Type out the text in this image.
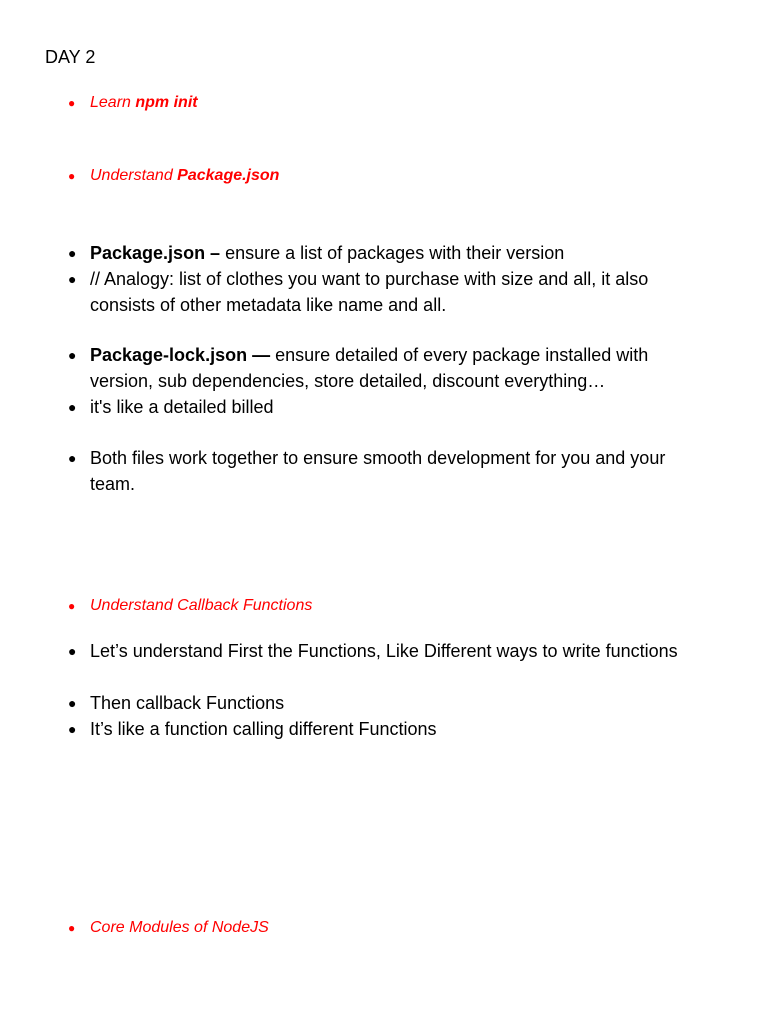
DAY 2
● Learn npm init
● Understand Package.json
● Package.json – ensure a list of packages with their version
● // Analogy: list of clothes you want to purchase with size and all, it also consists of other metadata like name and all.
● Package-lock.json — ensure detailed of every package installed with version, sub dependencies, store detailed, discount everything…
● it's like a detailed billed
● Both files work together to ensure smooth development for you and your team.
● Understand Callback Functions
● Let’s understand First the Functions, Like Different ways to write functions
● Then callback Functions
● It’s like a function calling different Functions
● Core Modules of NodeJS
